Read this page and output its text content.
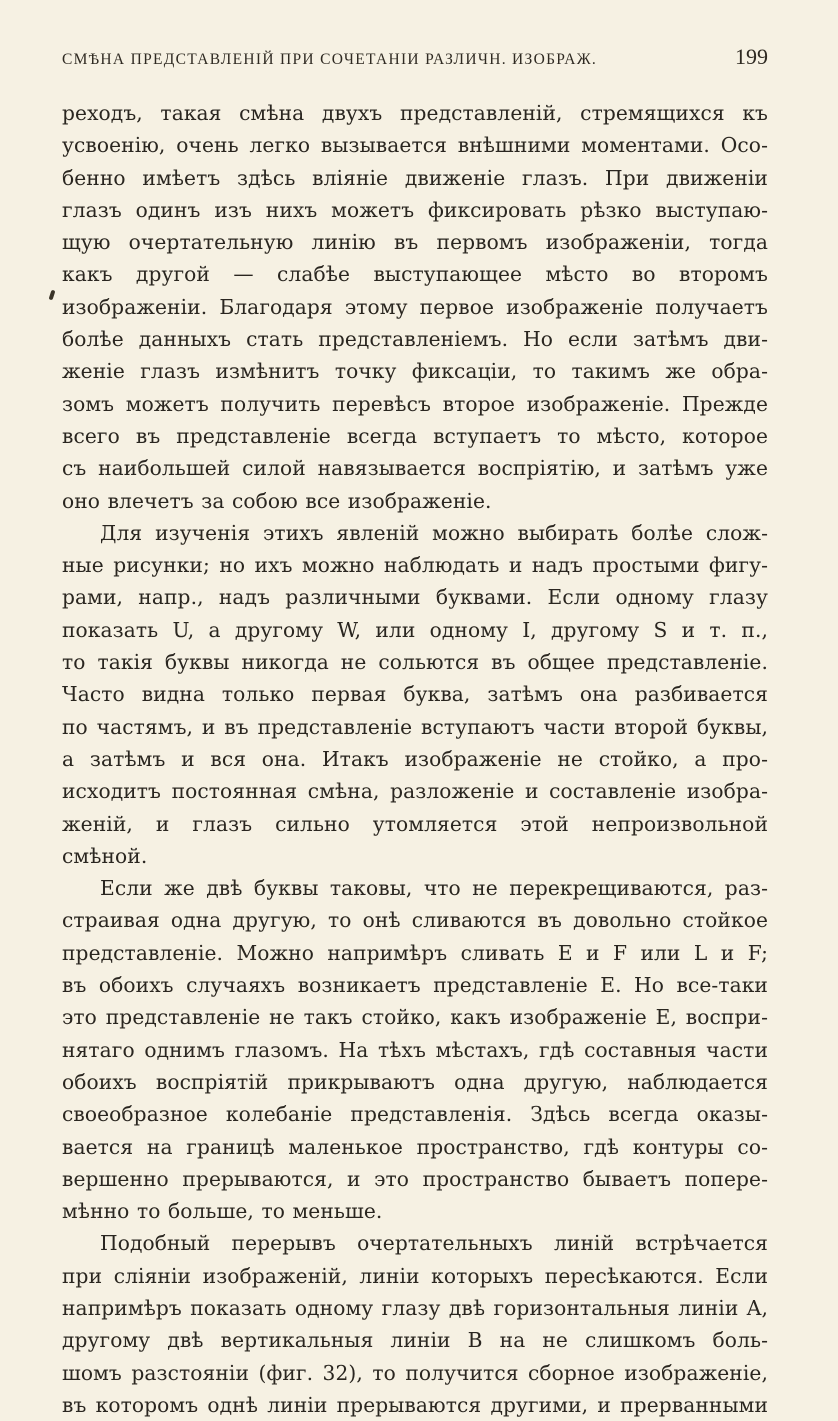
СМѢНА ПРЕДСТАВЛЕНІЙ ПРИ СОЧЕТАНІИ РАЗЛИЧН. ИЗОБРАЖ.	199
реходъ, такая смѣна двухъ представленій, стремящихся къ
усвоенію, очень легко вызывается внѣшними моментами. Осо-
бенно имѣетъ здѣсь вліяніе движеніе глазъ. При движеніи
глазъ одинъ изъ нихъ можетъ фиксировать рѣзко выступаю-
щую очертательную линію въ первомъ изображеніи, тогда
какъ другой — слабѣе выступающее мѣсто во второмъ
изображеніи. Благодаря этому первое изображеніе получаетъ
болѣе данныхъ стать представленіемъ. Но если затѣмъ дви-
женіе глазъ измѣнитъ точку фиксаціи, то такимъ же обра-
зомъ можетъ получить перевѣсъ второе изображеніе. Прежде
всего въ представленіе всегда вступаетъ то мѣсто, которое
съ наибольшей силой навязывается воспріятію, и затѣмъ уже
оно влечетъ за собою все изображеніе.
Для изученія этихъ явленій можно выбирать болѣе слож-
ные рисунки; но ихъ можно наблюдать и надъ простыми фигу-
рами, напр., надъ различными буквами. Если одному глазу
показать U, а другому W, или одному I, другому S и т. п.,
то такія буквы никогда не сольются въ общее представленіе.
Часто видна только первая буква, затѣмъ она разбивается
по частямъ, и въ представленіе вступаютъ части второй буквы,
а затѣмъ и вся она. Итакъ изображеніе не стойко, а про-
исходитъ постоянная смѣна, разложеніе и составленіе изобра-
женій, и глазъ сильно утомляется этой непроизвольной
смѣной.
Если же двѣ буквы таковы, что не перекрещиваются, раз-
страивая одна другую, то онѣ сливаются въ довольно стойкое
представленіе. Можно напримѣръ сливать E и F или L и F;
въ обоихъ случаяхъ возникаетъ представленіе E. Но все-таки
это представленіе не такъ стойко, какъ изображеніе E, воспри-
нятаго однимъ глазомъ. На тѣхъ мѣстахъ, гдѣ составныя части
обоихъ воспріятій прикрываютъ одна другую, наблюдается
своеобразное колебаніе представленія. Здѣсь всегда оказы-
вается на границѣ маленькое пространство, гдѣ контуры со-
вершенно прерываются, и это пространство бываетъ попере-
мѣнно то больше, то меньше.
Подобный перерывъ очертательныхъ линій встрѣчается
при сліяніи изображеній, линіи которыхъ пересѣкаются. Если
напримѣръ показать одному глазу двѣ горизонтальныя линіи A,
другому двѣ вертикальныя линіи B на не слишкомъ боль-
шомъ разстояніи (фиг. 32), то получится сборное изображеніе,
въ которомъ однѣ линіи прерываются другими, и прерванными
